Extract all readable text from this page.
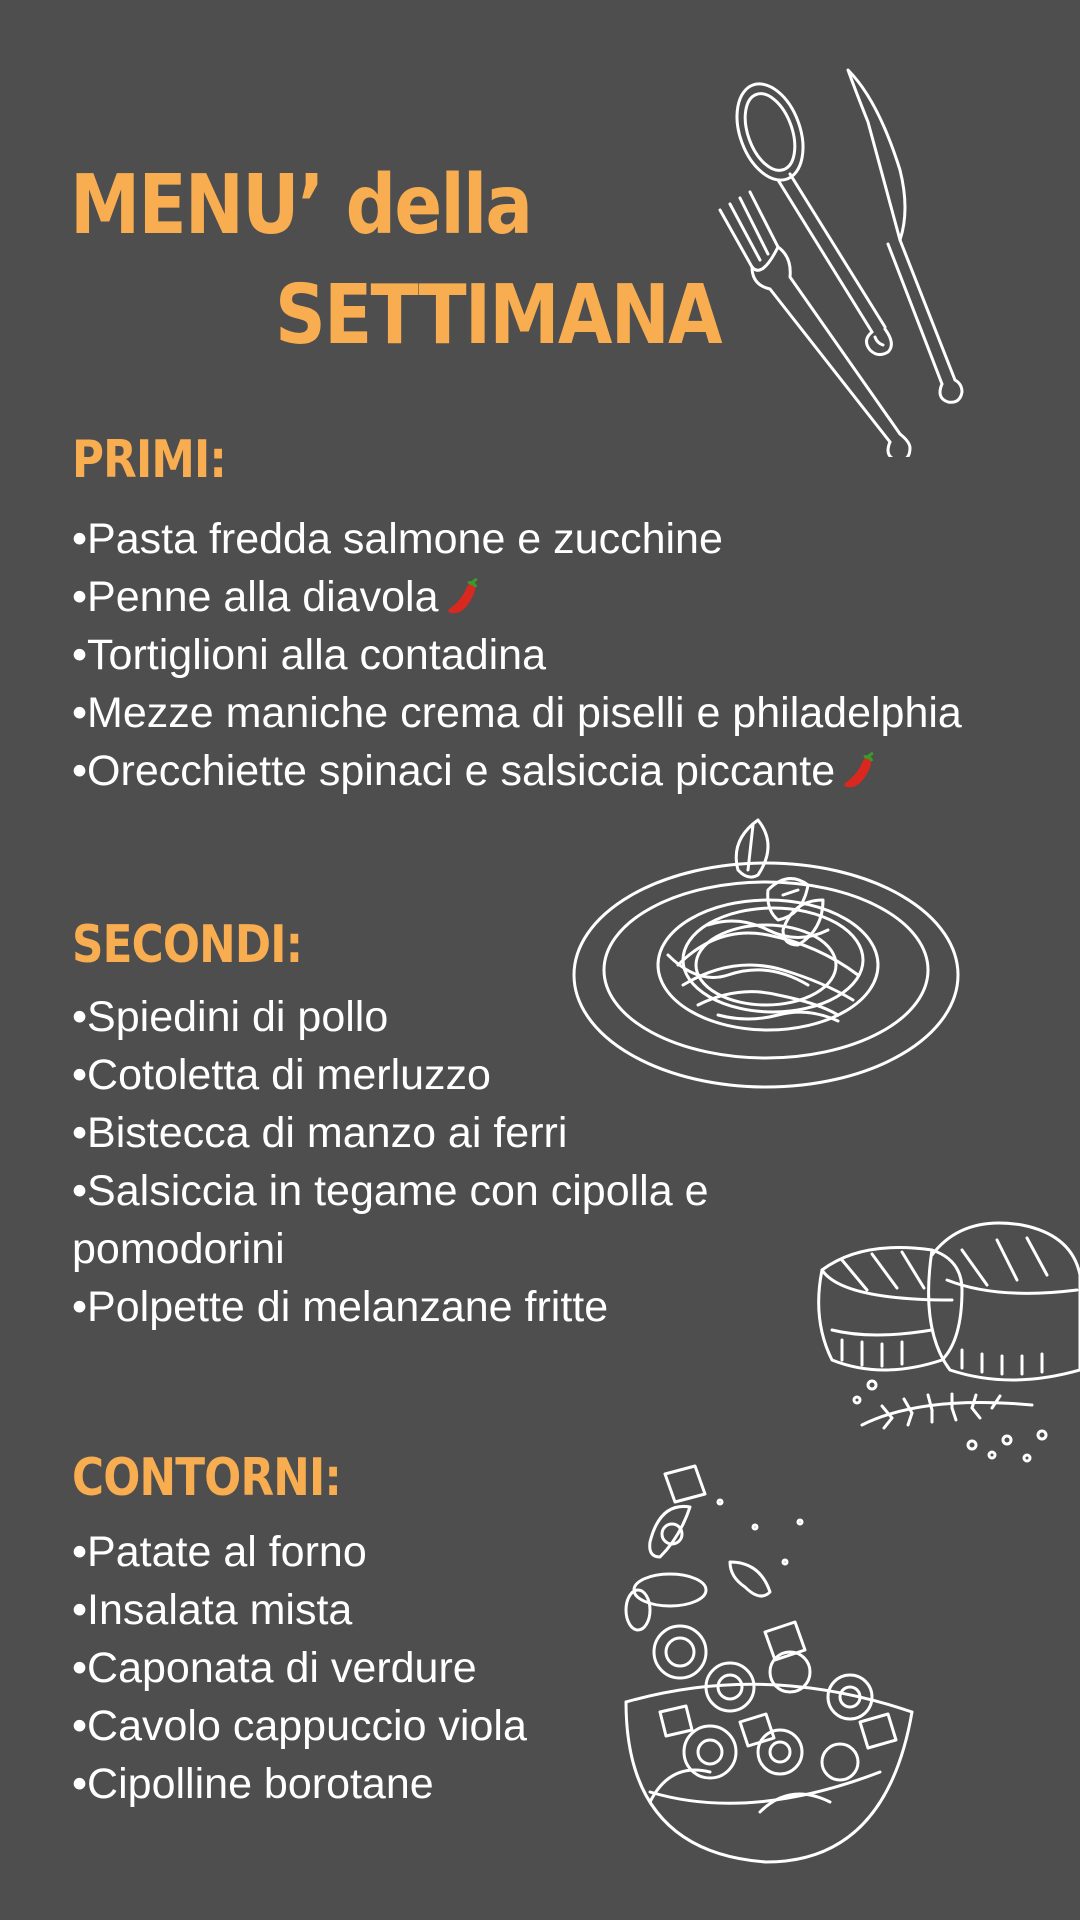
MENU’ della
SETTIMANA
PRIMI:
•Pasta fredda salmone e zucchine
•Penne alla diavola
•Tortiglioni alla contadina
•Mezze maniche crema di piselli e philadelphia
•Orecchiette spinaci e salsiccia piccante
SECONDI:
•Spiedini di pollo
•Cotoletta di merluzzo
•Bistecca di manzo ai ferri
•Salsiccia in tegame con cipolla e pomodorini
•Polpette di melanzane fritte
CONTORNI:
•Patate al forno
•Insalata mista
•Caponata di verdure
•Cavolo cappuccio viola
•Cipolline borotane
